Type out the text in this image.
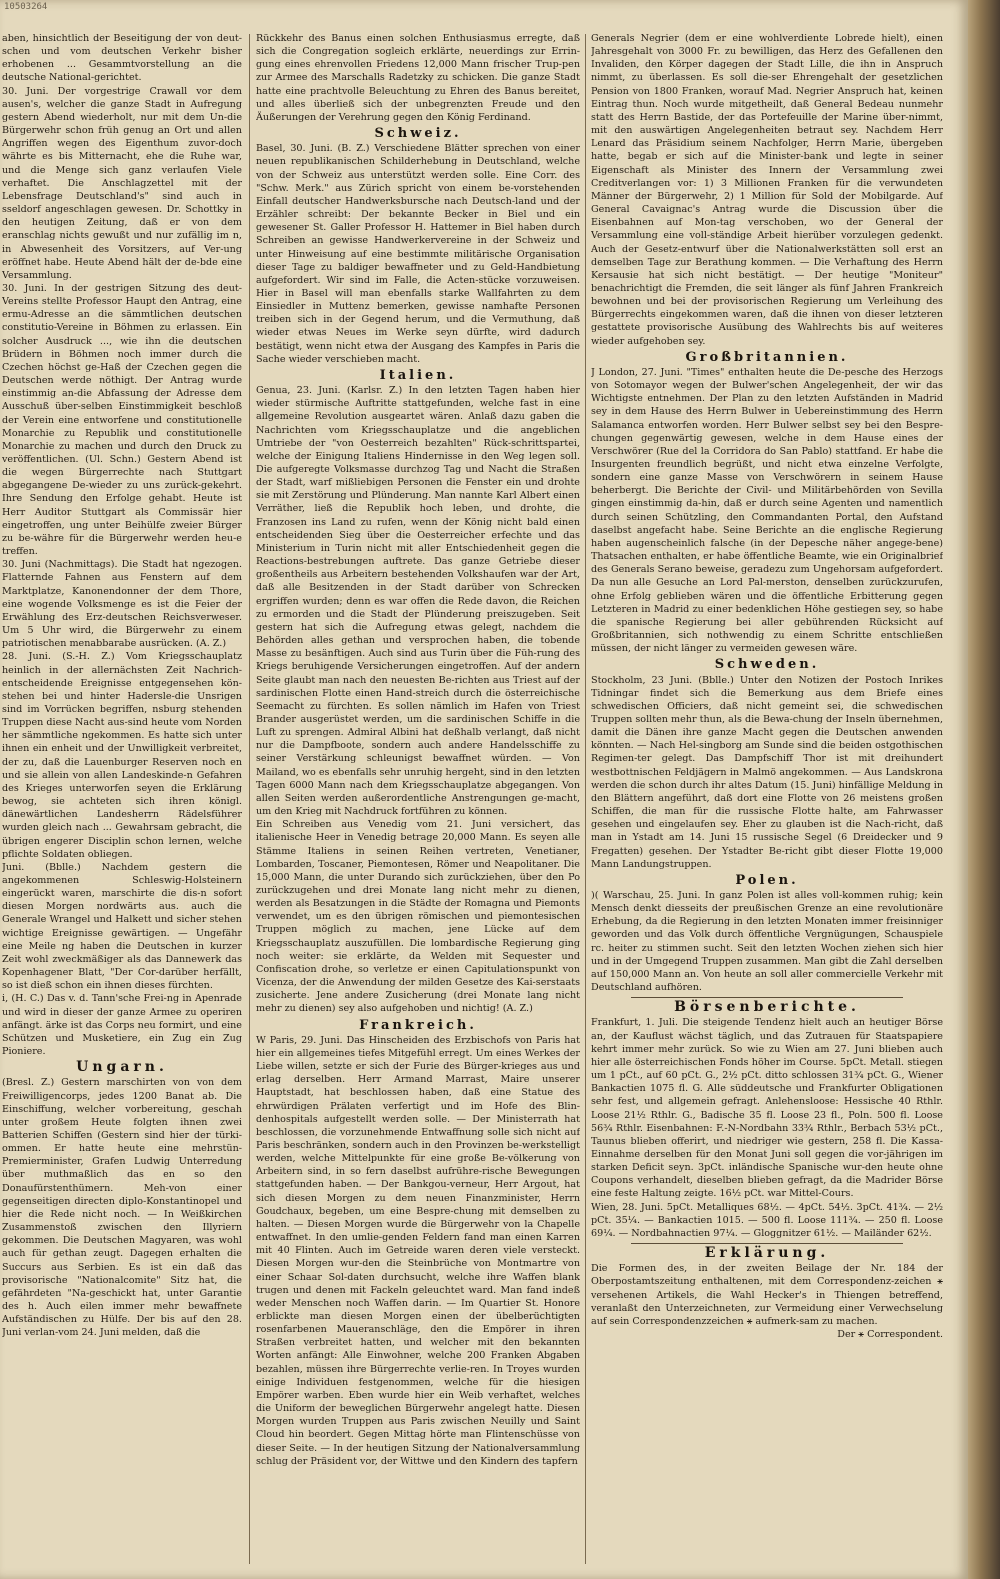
10503264

aben, hinsichtlich der Beseitigung der von deut-schen und vom deutschen Verkehr bisher erhobenen ... Gesammtvorstellung an die deutsche National-gerichtet.

30. Juni. Der vorgestrige Crawall vor dem ausen's, welcher die ganze Stadt in Aufregung gestern Abend wiederholt, nur mit dem Un-die Bürgerwehr schon früh genug an Ort und allen Angriffen wegen des Eigenthum zuvor-doch währte es bis Mitternacht, ehe die Ruhe war, und die Menge sich ganz verlaufen Viele verhaftet. Die Anschlagzettel mit der Lebensfrage Deutschland's" sind auch in sseldorf angeschlagen gewesen. Dr. Schottky in den heutigen Zeitung, daß er von dem eranschlag nichts gewußt und nur zufällig im n, in Abwesenheit des Vorsitzers, auf Ver-ung eröffnet habe. Heute Abend hält der de-bde eine Versammlung.

30. Juni. In der gestrigen Sitzung des deut-Vereins stellte Professor Haupt den Antrag, eine ermu-Adresse an die sämmtlichen deutschen constitutio-Vereine in Böhmen zu erlassen. Ein solcher Ausdruck ..., wie ihn die deutschen Brüdern in Böhmen noch immer durch die Czechen höchst ge-Haß der Czechen gegen die Deutschen werde nöthigt. Der Antrag wurde einstimmig an-die Abfassung der Adresse dem Ausschuß über-selben Einstimmigkeit beschloß der Verein eine entworfene und constitutionelle Monarchie zu Republik und constitutionelle Monarchie zu machen und durch den Druck zu veröffentlichen. (Ul. Schn.) Gestern Abend ist die wegen Bürgerrechte nach Stuttgart abgegangene De-wieder zu uns zurück-gekehrt. Ihre Sendung den Erfolge gehabt. Heute ist Herr Auditor Stuttgart als Commissär hier eingetroffen, ung unter Beihülfe zweier Bürger zu be-währe für die Bürgerwehr werden heu-e treffen.

30. Juni (Nachmittags). Die Stadt hat ngezogen. Flatternde Fahnen aus Fenstern auf dem Marktplatze, Kanonendonner der dem Thore, eine wogende Volksmenge es ist die Feier der Erwählung des Erz-deutschen Reichsverweser. Um 5 Uhr wird, die Bürgerwehr zu einem patriotischen menabbarabe ausrücken. (A. Z.)

28. Juni. (S.-H. Z.) Vom Kriegsschauplatz heinlich in der allernächsten Zeit Nachrich-entscheidende Ereignisse entgegensehen kön-stehen bei und hinter Hadersle-die Unsrigen sind im Vorrücken begriffen, nsburg stehenden Truppen diese Nacht aus-sind heute vom Norden her sämmtliche ngekommen. Es hatte sich unter ihnen ein enheit und der Unwilligkeit verbreitet, der zu, daß die Lauenburger Reserven noch en und sie allein von allen Landeskinde-n Gefahren des Krieges unterworfen seyen die Erklärung bewog, sie achteten sich ihren königl. dänewärtlichen Landesherrn Rädelsführer wurden gleich nach ... Gewahrsam gebracht, die übrigen engerer Disciplin schon lernen, welche pflichte Soldaten obliegen.

Juni. (Bblle.) Nachdem gestern die angekommenen Schleswig-Holsteinern eingerückt waren, marschirte die dis-n sofort diesen Morgen nordwärts aus. auch die Generale Wrangel und Halkett und sicher stehen wichtige Ereignisse gewärtigen. — Ungefähr eine Meile ng haben die Deutschen in kurzer Zeit wohl zweckmäßiger als das Dannewerk das Kopenhagener Blatt, "Der Cor-darüber herfällt, so ist dieß schon ein ihnen dieses fürchten.

i, (H. C.) Das v. d. Tann'sche Frei-ng in Apenrade und wird in dieser der ganze Armee zu operiren anfängt. ärke ist das Corps neu formirt, und eine Schützen und Musketiere, ein Zug ein Zug Pioniere.

Ungarn.

(Bresl. Z.) Gestern marschirten von von dem Freiwilligencorps, jedes 1200 Banat ab. Die Einschiffung, welcher vorbereitung, geschah unter großem Heute folgten ihnen zwei Batterien Schiffen (Gestern sind hier der türki-ommen. Er hatte heute eine mehrstün-Premierminister, Grafen Ludwig Unterredung über muthmaßlich das en so den Donaufürstenthümern. Meh-von einer gegenseitigen directen diplo-Konstantinopel und hier die Rede nicht noch. — In Weißkirchen Zusammenstoß zwischen den Illyriern gekommen. Die Deutschen Magyaren, was wohl auch für gethan zeugt. Dagegen erhalten die Succurs aus Serbien. Es ist ein daß das provisorische "Nationalcomite" Sitz hat, die gefährdeten "Na-geschickt hat, unter Garantie des h. Auch eilen immer mehr bewaffnete Aufständischen zu Hülfe. Der bis auf den 28. Juni verlan-vom 24. Juni melden, daß die

Rückkehr des Banus einen solchen Enthusiasmus erregte, daß sich die Congregation sogleich erklärte, neuerdings zur Errin-gung eines ehrenvollen Friedens 12,000 Mann frischer Trup-pen zur Armee des Marschalls Radetzky zu schicken. Die ganze Stadt hatte eine prachtvolle Beleuchtung zu Ehren des Banus bereitet, und alles überließ sich der unbegrenzten Freude und den Äußerungen der Verehrung gegen den König Ferdinand.

Schweiz.

Basel, 30. Juni. (B. Z.) Verschiedene Blätter sprechen von einer neuen republikanischen Schilderhebung in Deutschland, welche von der Schweiz aus unterstützt werden solle. Eine Corr. des "Schw. Merk." aus Zürich spricht von einem be-vorstehenden Einfall deutscher Handwerksbursche nach Deutsch-land und der Erzähler schreibt: Der bekannte Becker in Biel und ein gewesener St. Galler Professor H. Hattemer in Biel haben durch Schreiben an gewisse Handwerkervereine in der Schweiz und unter Hinweisung auf eine bestimmte militärische Organisation dieser Tage zu baldiger bewaffneter und zu Geld-Handbietung aufgefordert. Wir sind im Falle, die Acten-stücke vorzuweisen. Hier in Basel will man ebenfalls starke Wallfahrten zu dem Einsiedler in Muttenz bemerken, gewisse namhafte Personen treiben sich in der Gegend herum, und die Vermuthung, daß wieder etwas Neues im Werke seyn dürfte, wird dadurch bestätigt, wenn nicht etwa der Ausgang des Kampfes in Paris die Sache wieder verschieben macht.

Italien.

Genua, 23. Juni. (Karlsr. Z.) In den letzten Tagen haben hier wieder stürmische Auftritte stattgefunden, welche fast in eine allgemeine Revolution ausgeartet wären. Anlaß dazu gaben die Nachrichten vom Kriegsschauplatze und die angeblichen Umtriebe der "von Oesterreich bezahlten" Rück-schrittspartei, welche der Einigung Italiens Hindernisse in den Weg legen soll. Die aufgeregte Volksmasse durchzog Tag und Nacht die Straßen der Stadt, warf mißliebigen Personen die Fenster ein und drohte sie mit Zerstörung und Plünderung. Man nannte Karl Albert einen Verräther, ließ die Republik hoch leben, und drohte, die Franzosen ins Land zu rufen, wenn der König nicht bald einen entscheidenden Sieg über die Oesterreicher erfechte und das Ministerium in Turin nicht mit aller Entschiedenheit gegen die Reactions-bestrebungen auftrete. Das ganze Getriebe dieser großentheils aus Arbeitern bestehenden Volkshaufen war der Art, daß alle Besitzenden in der Stadt darüber von Schrecken ergriffen wurden; denn es war offen die Rede davon, die Reichen zu ermorden und die Stadt der Plünderung preiszugeben. Seit gestern hat sich die Aufregung etwas gelegt, nachdem die Behörden alles gethan und versprochen haben, die tobende Masse zu besänftigen. Auch sind aus Turin über die Füh-rung des Kriegs beruhigende Versicherungen eingetroffen. Auf der andern Seite glaubt man nach den neuesten Be-richten aus Triest auf der sardinischen Flotte einen Hand-streich durch die österreichische Seemacht zu fürchten. Es sollen nämlich im Hafen von Triest Brander ausgerüstet werden, um die sardinischen Schiffe in die Luft zu sprengen. Admiral Albini hat deßhalb verlangt, daß nicht nur die Dampfboote, sondern auch andere Handelsschiffe zu seiner Verstärkung schleunigst bewaffnet würden. — Von Mailand, wo es ebenfalls sehr unruhig hergeht, sind in den letzten Tagen 6000 Mann nach dem Kriegsschauplatze abgegangen. Von allen Seiten werden außerordentliche Anstrengungen ge-macht, um den Krieg mit Nachdruck fortführen zu können.

Ein Schreiben aus Venedig vom 21. Juni versichert, das italienische Heer in Venedig betrage 20,000 Mann. Es seyen alle Stämme Italiens in seinen Reihen vertreten, Venetianer, Lombarden, Toscaner, Piemontesen, Römer und Neapolitaner. Die 15,000 Mann, die unter Durando sich zurückziehen, über den Po zurückzugehen und drei Monate lang nicht mehr zu dienen, werden als Besatzungen in die Städte der Romagna und Piemonts verwendet, um es den übrigen römischen und piemontesischen Truppen möglich zu machen, jene Lücke auf dem Kriegsschauplatz auszufüllen. Die lombardische Regierung ging noch weiter: sie erklärte, da Welden mit Sequester und Confiscation drohe, so verletze er einen Capitulationspunkt von Vicenza, der die Anwendung der milden Gesetze des Kai-serstaats zusicherte. Jene andere Zusicherung (drei Monate lang nicht mehr zu dienen) sey also aufgehoben und nichtig! (A. Z.)

Frankreich.

W Paris, 29. Juni. Das Hinscheiden des Erzbischofs von Paris hat hier ein allgemeines tiefes Mitgefühl erregt. Um eines Werkes der Liebe willen, setzte er sich der Furie des Bürger-krieges aus und erlag derselben. Herr Armand Marrast, Maire unserer Hauptstadt, hat beschlossen haben, daß eine Statue des ehrwürdigen Prälaten verfertigt und im Hofe des Blin-denhospitals aufgestellt werden solle. — Der Ministerrath hat beschlossen, die vorzunehmende Entwaffnung solle sich nicht auf Paris beschränken, sondern auch in den Provinzen be-werkstelligt werden, welche Mittelpunkte für eine große Be-völkerung von Arbeitern sind, in so fern daselbst aufrühre-rische Bewegungen stattgefunden haben. — Der Bankgou-verneur, Herr Argout, hat sich diesen Morgen zu dem neuen Finanzminister, Herrn Goudchaux, begeben, um eine Bespre-chung mit demselben zu halten. — Diesen Morgen wurde die Bürgerwehr von la Chapelle entwaffnet. In den umlie-genden Feldern fand man einen Karren mit 40 Flinten. Auch im Getreide waren deren viele versteckt. Diesen Morgen wur-den die Steinbrüche von Montmartre von einer Schaar Sol-daten durchsucht, welche ihre Waffen blank trugen und denen mit Fackeln geleuchtet ward. Man fand indeß weder Menschen noch Waffen darin. — Im Quartier St. Honore erblickte man diesen Morgen einen der übelberüchtigten rosenfarbenen Maueranschläge, den die Empörer in ihren Straßen verbreitet hatten, und welcher mit den bekannten Worten anfängt: Alle Einwohner, welche 200 Franken Abgaben bezahlen, müssen ihre Bürgerrechte verlie-ren. In Troyes wurden einige Individuen festgenommen, welche für die hiesigen Empörer warben. Eben wurde hier ein Weib verhaftet, welches die Uniform der beweglichen Bürgerwehr angelegt hatte. Diesen Morgen wurden Truppen aus Paris zwischen Neuilly und Saint Cloud hin beordert. Gegen Mittag hörte man Flintenschüsse von dieser Seite. — In der heutigen Sitzung der Nationalversammlung schlug der Präsident vor, der Wittwe und den Kindern des tapfern

Generals Negrier (dem er eine wohlverdiente Lobrede hielt), einen Jahresgehalt von 3000 Fr. zu bewilligen, das Herz des Gefallenen den Invaliden, den Körper dagegen der Stadt Lille, die ihn in Anspruch nimmt, zu überlassen. Es soll die-ser Ehrengehalt der gesetzlichen Pension von 1800 Franken, worauf Mad. Negrier Anspruch hat, keinen Eintrag thun. Noch wurde mitgetheilt, daß General Bedeau nunmehr statt des Herrn Bastide, der das Portefeuille der Marine über-nimmt, mit den auswärtigen Angelegenheiten betraut sey. Nachdem Herr Lenard das Präsidium seinem Nachfolger, Herrn Marie, übergeben hatte, begab er sich auf die Minister-bank und legte in seiner Eigenschaft als Minister des Innern der Versammlung zwei Creditverlangen vor: 1) 3 Millionen Franken für die verwundeten Männer der Bürgerwehr, 2) 1 Million für Sold der Mobilgarde. Auf General Cavaignac's Antrag wurde die Discussion über die Eisenbahnen auf Mon-tag verschoben, wo der General der Versammlung eine voll-ständige Arbeit hierüber vorzulegen gedenkt. Auch der Gesetz-entwurf über die Nationalwerkstätten soll erst an demselben Tage zur Berathung kommen. — Die Verhaftung des Herrn Kersausie hat sich nicht bestätigt. — Der heutige "Moniteur" benachrichtigt die Fremden, die seit länger als fünf Jahren Frankreich bewohnen und bei der provisorischen Regierung um Verleihung des Bürgerrechts eingekommen waren, daß die ihnen von dieser letzteren gestattete provisorische Ausübung des Wahlrechts bis auf weiteres wieder aufgehoben sey.

Großbritannien.

J London, 27. Juni. "Times" enthalten heute die De-pesche des Herzogs von Sotomayor wegen der Bulwer'schen Angelegenheit, der wir das Wichtigste entnehmen. Der Plan zu den letzten Aufständen in Madrid sey in dem Hause des Herrn Bulwer in Uebereinstimmung des Herrn Salamanca entworfen worden. Herr Bulwer selbst sey bei den Bespre-chungen gegenwärtig gewesen, welche in dem Hause eines der Verschwörer (Rue del la Corridora do San Pablo) stattfand. Er habe die Insurgenten freundlich begrüßt, und nicht etwa einzelne Verfolgte, sondern eine ganze Masse von Verschwörern in seinem Hause beherbergt. Die Berichte der Civil- und Militärbehörden von Sevilla gingen einstimmig da-hin, daß er durch seine Agenten und namentlich durch seinen Schützling, den Commandanten Portal, den Aufstand daselbst angefacht habe. Seine Berichte an die englische Regierung haben augenscheinlich falsche (in der Depesche näher angege-bene) Thatsachen enthalten, er habe öffentliche Beamte, wie ein Originalbrief des Generals Serano beweise, geradezu zum Ungehorsam aufgefordert. Da nun alle Gesuche an Lord Pal-merston, denselben zurückzurufen, ohne Erfolg geblieben wären und die öffentliche Erbitterung gegen Letzteren in Madrid zu einer bedenklichen Höhe gestiegen sey, so habe die spanische Regierung bei aller gebührenden Rücksicht auf Großbritannien, sich nothwendig zu einem Schritte entschließen müssen, der nicht länger zu vermeiden gewesen wäre.

Schweden.

Stockholm, 23 Juni. (Bblle.) Unter den Notizen der Postoch Inrikes Tidningar findet sich die Bemerkung aus dem Briefe eines schwedischen Officiers, daß nicht gemeint sei, die schwedischen Truppen sollten mehr thun, als die Bewa-chung der Inseln übernehmen, damit die Dänen ihre ganze Macht gegen die Deutschen anwenden könnten. — Nach Hel-singborg am Sunde sind die beiden ostgothischen Regimen-ter gelegt. Das Dampfschiff Thor ist mit dreihundert westbottnischen Feldjägern in Malmö angekommen. — Aus Landskrona werden die schon durch ihr altes Datum (15. Juni) hinfällige Meldung in den Blättern angeführt, daß dort eine Flotte von 26 meistens großen Schiffen, die man für die russische Flotte halte, am Fahrwasser gesehen und eingelaufen sey. Eher zu glauben ist die Nach-richt, daß man in Ystadt am 14. Juni 15 russische Segel (6 Dreidecker und 9 Fregatten) gesehen. Der Ystadter Be-richt gibt dieser Flotte 19,000 Mann Landungstruppen.

Polen.

)( Warschau, 25. Juni. In ganz Polen ist alles voll-kommen ruhig; kein Mensch denkt diesseits der preußischen Grenze an eine revolutionäre Erhebung, da die Regierung in den letzten Monaten immer freisinniger geworden und das Volk durch öffentliche Vergnügungen, Schauspiele rc. heiter zu stimmen sucht. Seit den letzten Wochen ziehen sich hier und in der Umgegend Truppen zusammen. Man gibt die Zahl derselben auf 150,000 Mann an. Von heute an soll aller commercielle Verkehr mit Deutschland aufhören.

Börsenberichte.

Frankfurt, 1. Juli. Die steigende Tendenz hielt auch an heutiger Börse an, der Kauflust wächst täglich, und das Zutrauen für Staatspapiere kehrt immer mehr zurück. So wie zu Wien am 27. Juni blieben auch hier alle österreichischen Fonds höher im Course. 5pCt. Metall. stiegen um 1 pCt., auf 60 pCt. G., 2½ pCt. ditto schlossen 31¾ pCt. G., Wiener Bankactien 1075 fl. G. Alle süddeutsche und Frankfurter Obligationen sehr fest, und allgemein gefragt. Anlehensloose: Hessische 40 Rthlr. Loose 21½ Rthlr. G., Badische 35 fl. Loose 23 fl., Poln. 500 fl. Loose 56¾ Rthlr. Eisenbahnen: F.-N-Nordbahn 33¾ Rthlr., Berbach 53½ pCt., Taunus blieben offerirt, und niedriger wie gestern, 258 fl. Die Kassa-Einnahme derselben für den Monat Juni soll gegen die vor-jährigen im starken Deficit seyn. 3pCt. inländische Spanische wur-den heute ohne Coupons verhandelt, dieselben blieben gefragt, da die Madrider Börse eine feste Haltung zeigte. 16½ pCt. war Mittel-Cours.

Wien, 28. Juni. 5pCt. Metalliques 68½. — 4pCt. 54½. 3pCt. 41¾. — 2½ pCt. 35¼. — Bankactien 1015. — 500 fl. Loose 111¾. — 250 fl. Loose 69¼. — Nordbahnactien 97¼. — Gloggnitzer 61½. — Mailänder 62½.

Erklärung.

Die Formen des, in der zweiten Beilage der Nr. 184 der Oberpostamtszeitung enthaltenen, mit dem Correspondenz-zeichen ⚹ versehenen Artikels, die Wahl Hecker's in Thiengen betreffend, veranlaßt den Unterzeichneten, zur Vermeidung einer Verwechselung auf sein Correspondenzzeichen ⚹ aufmerk-sam zu machen.

Der ⚹ Correspondent.
